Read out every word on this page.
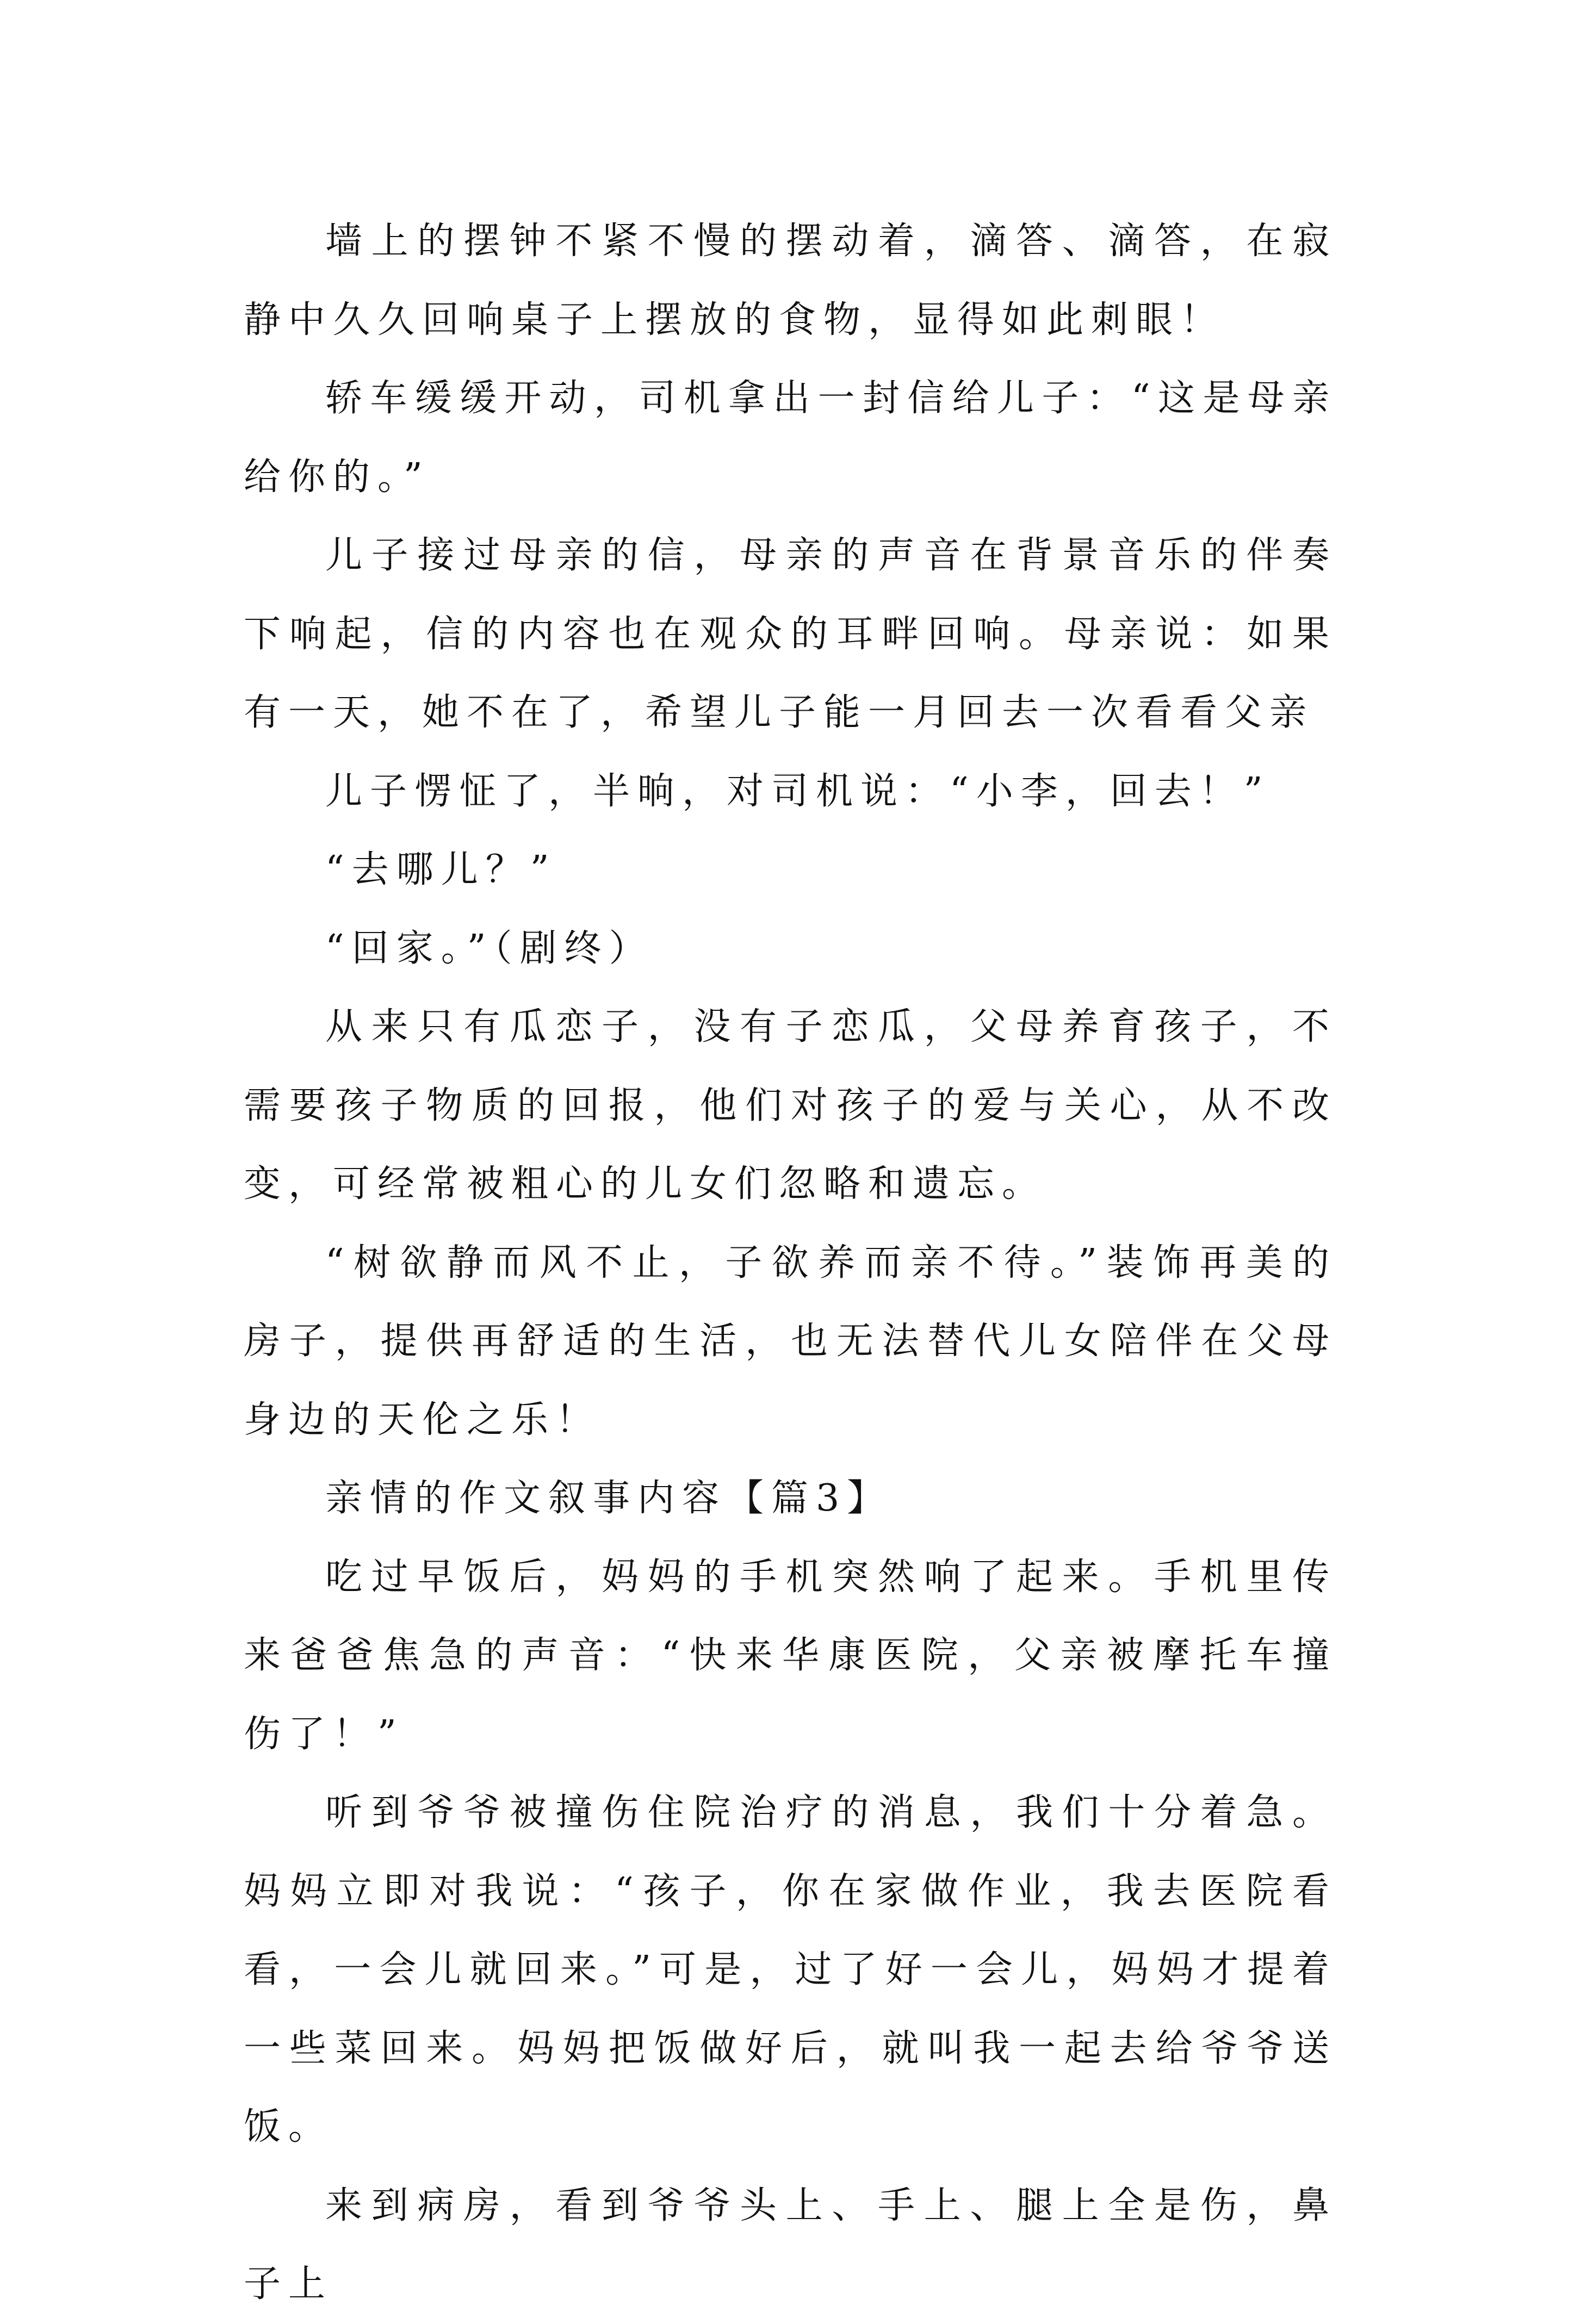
墙上的摆钟不紧不慢的摆动着，滴答、滴答，在寂静中久久回响桌子上摆放的食物，显得如此刺眼！

轿车缓缓开动，司机拿出一封信给儿子：“这是母亲给你的。”

儿子接过母亲的信，母亲的声音在背景音乐的伴奏下响起，信的内容也在观众的耳畔回响。母亲说：如果有一天，她不在了，希望儿子能一月回去一次看看父亲

儿子愣怔了，半晌，对司机说：“小李，回去！”

“去哪儿？”

“回家。”（剧终）

从来只有瓜恋子，没有子恋瓜，父母养育孩子，不需要孩子物质的回报，他们对孩子的爱与关心，从不改变，可经常被粗心的儿女们忽略和遗忘。

“树欲静而风不止，子欲养而亲不待。”装饰再美的房子，提供再舒适的生活，也无法替代儿女陪伴在父母身边的天伦之乐！

亲情的作文叙事内容【篇3】

吃过早饭后，妈妈的手机突然响了起来。手机里传来爸爸焦急的声音：“快来华康医院，父亲被摩托车撞伤了！”

听到爷爷被撞伤住院治疗的消息，我们十分着急。妈妈立即对我说：“孩子，你在家做作业，我去医院看看，一会儿就回来。”可是，过了好一会儿，妈妈才提着一些菜回来。妈妈把饭做好后，就叫我一起去给爷爷送饭。

来到病房，看到爷爷头上、手上、腿上全是伤，鼻子上
